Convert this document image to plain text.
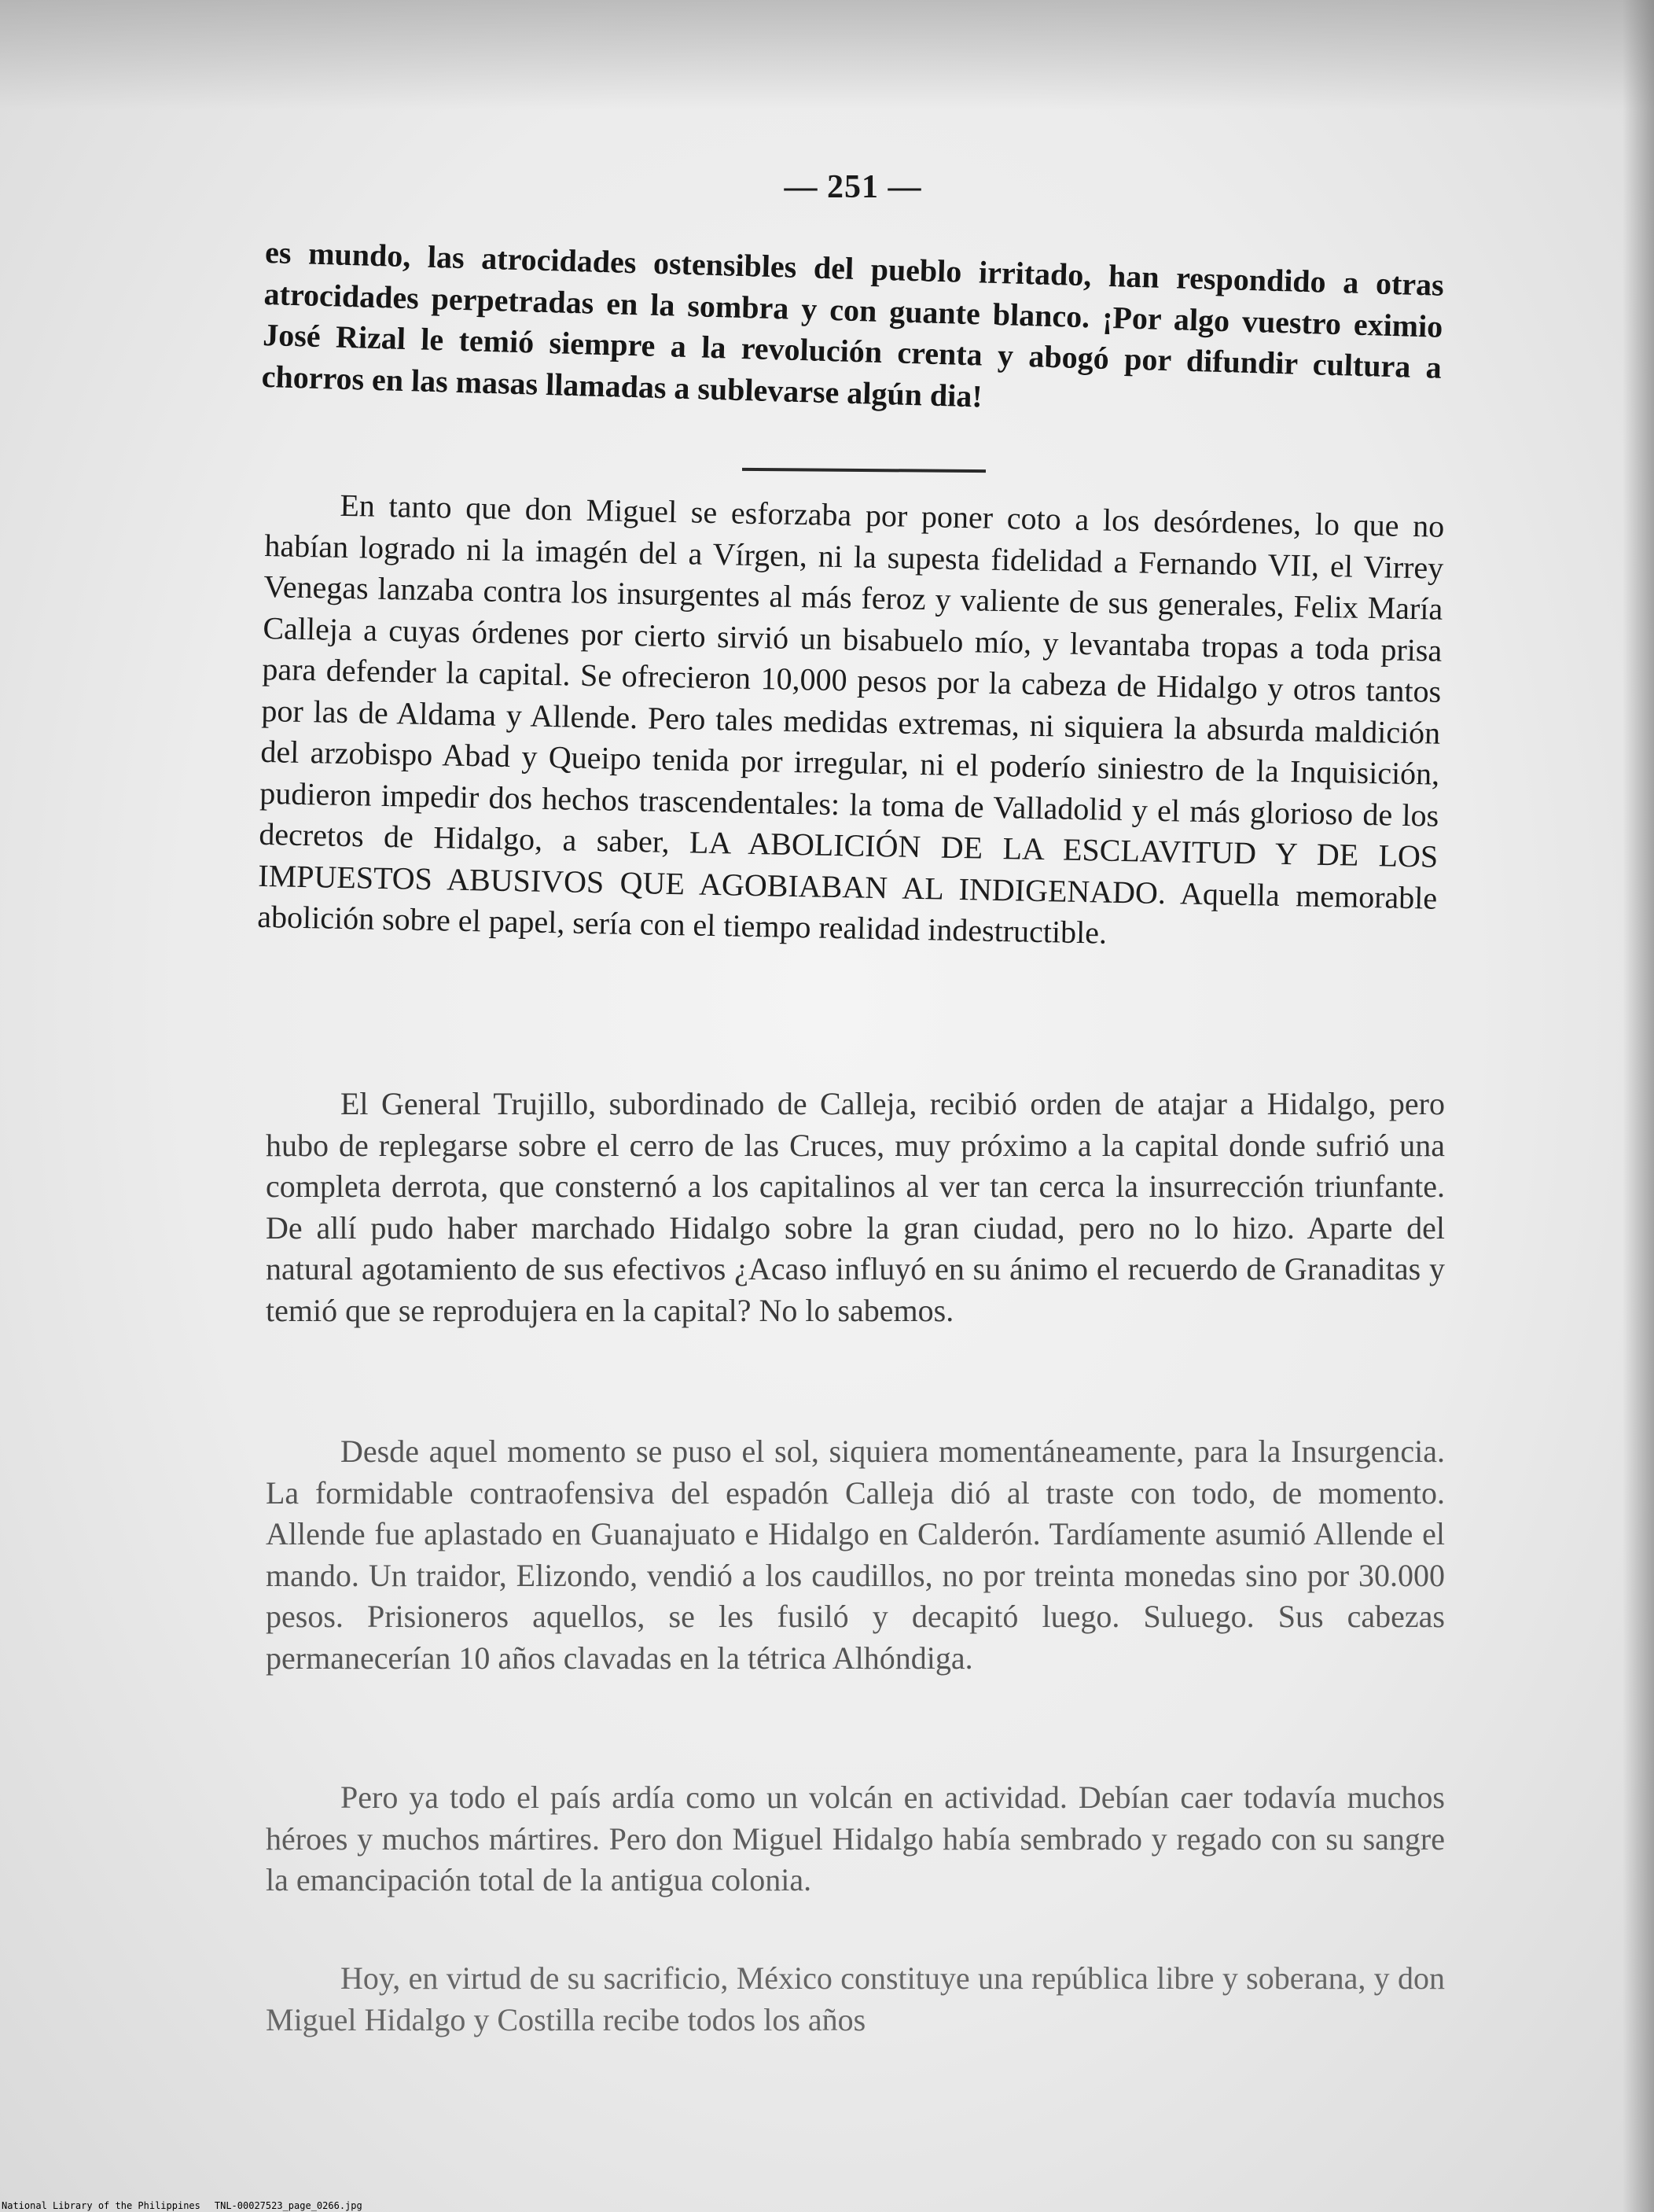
— 251 —

es mundo, las atrocidades ostensibles del pueblo irritado, han respondido a otras atrocidades perpetradas en la sombra y con guante blanco. ¡Por algo vuestro eximio José Rizal le temió siempre a la revolución crenta y abogó por difundir cultura a chorros en las masas llamadas a sublevarse algún dia!

En tanto que don Miguel se esforzaba por poner coto a los desórdenes, lo que no habían logrado ni la imagén del a Vírgen, ni la supesta fidelidad a Fernando VII, el Virrey Venegas lanzaba contra los insurgentes al más feroz y valiente de sus generales, Felix María Calleja a cuyas órdenes por cierto sirvió un bisabuelo mío, y levantaba tropas a toda prisa para defender la capital. Se ofrecieron 10,000 pesos por la cabeza de Hidalgo y otros tantos por las de Aldama y Allende. Pero tales medidas extremas, ni siquiera la absurda maldición del arzobispo Abad y Queipo tenida por irregular, ni el poderío siniestro de la Inquisición, pudieron impedir dos hechos trascendentales: la toma de Valladolid y el más glorioso de los decretos de Hidalgo, a saber, LA ABOLICIÓN DE LA ESCLAVITUD Y DE LOS IMPUESTOS ABUSIVOS QUE AGOBIABAN AL INDIGENADO. Aquella memorable abolición sobre el papel, sería con el tiempo realidad indestructible.

El General Trujillo, subordinado de Calleja, recibió orden de atajar a Hidalgo, pero hubo de replegarse sobre el cerro de las Cruces, muy próximo a la capital donde sufrió una completa derrota, que consternó a los capitalinos al ver tan cerca la insurrección triunfante. De allí pudo haber marchado Hidalgo sobre la gran ciudad, pero no lo hizo. Aparte del natural agotamiento de sus efectivos ¿Acaso influyó en su ánimo el recuerdo de Granaditas y temió que se reprodujera en la capital? No lo sabemos.

Desde aquel momento se puso el sol, siquiera momentáneamente, para la Insurgencia. La formidable contraofensiva del espadón Calleja dió al traste con todo, de momento. Allende fue aplastado en Guanajuato e Hidalgo en Calderón. Tardíamente asumió Allende el mando. Un traidor, Elizondo, vendió a los caudillos, no por treinta monedas sino por 30.000 pesos. Prisioneros aquellos, se les fusiló y decapitó luego. Suluego. Sus cabezas permanecerían 10 años clavadas en la tétrica Alhóndiga.

Pero ya todo el país ardía como un volcán en actividad. Debían caer todavía muchos héroes y muchos mártires. Pero don Miguel Hidalgo había sembrado y regado con su sangre la emancipación total de la antigua colonia.

Hoy, en virtud de su sacrificio, México constituye una república libre y soberana, y don Miguel Hidalgo y Costilla recibe todos los años

National Library of the Philippines TNL-00027523_page_0266.jpg
